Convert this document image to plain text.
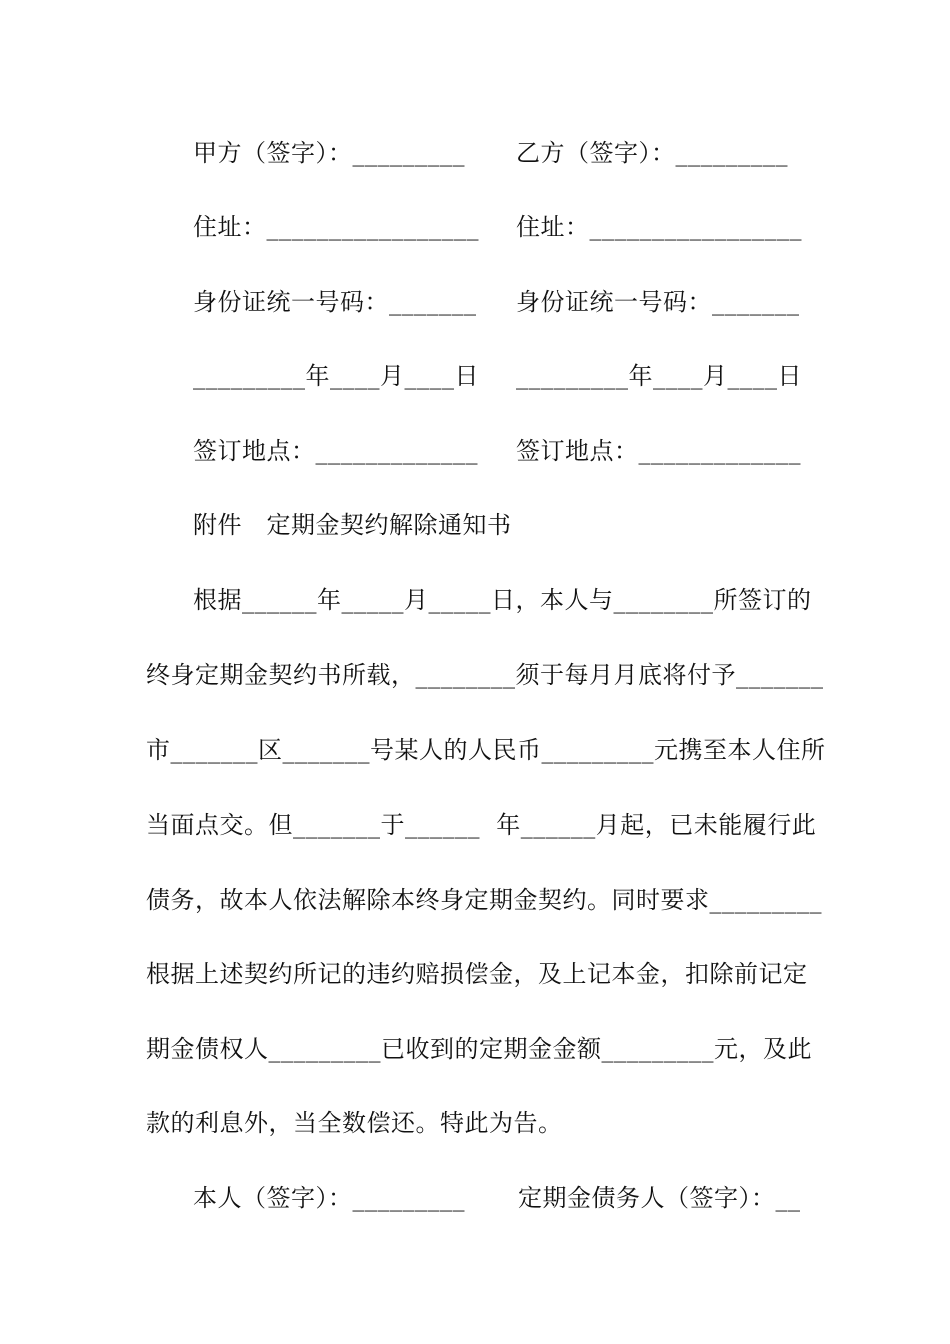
甲方（签字）：_________ 乙方（签字）：_________
住址：_________________ 住址：_________________
身份证统一号码：_______ 身份证统一号码：_______
_________年____月____日 _________年____月____日
签订地点：_____________ 签订地点：_____________
附件　定期金契约解除通知书
根据______年_____月_____日，本人与________所签订的
终身定期金契约书所载，________须于每月月底将付予_______
市_______区_______号某人的人民币_________元携至本人住所
当面点交。但_______于______  年______月起，已未能履行此
债务，故本人依法解除本终身定期金契约。同时要求_________
根据上述契约所记的违约赔损偿金，及上记本金，扣除前记定
期金债权人_________已收到的定期金金额_________元，及此
款的利息外，当全数偿还。特此为告。
本人（签字）：_________ 定期金债务人（签字）：__
